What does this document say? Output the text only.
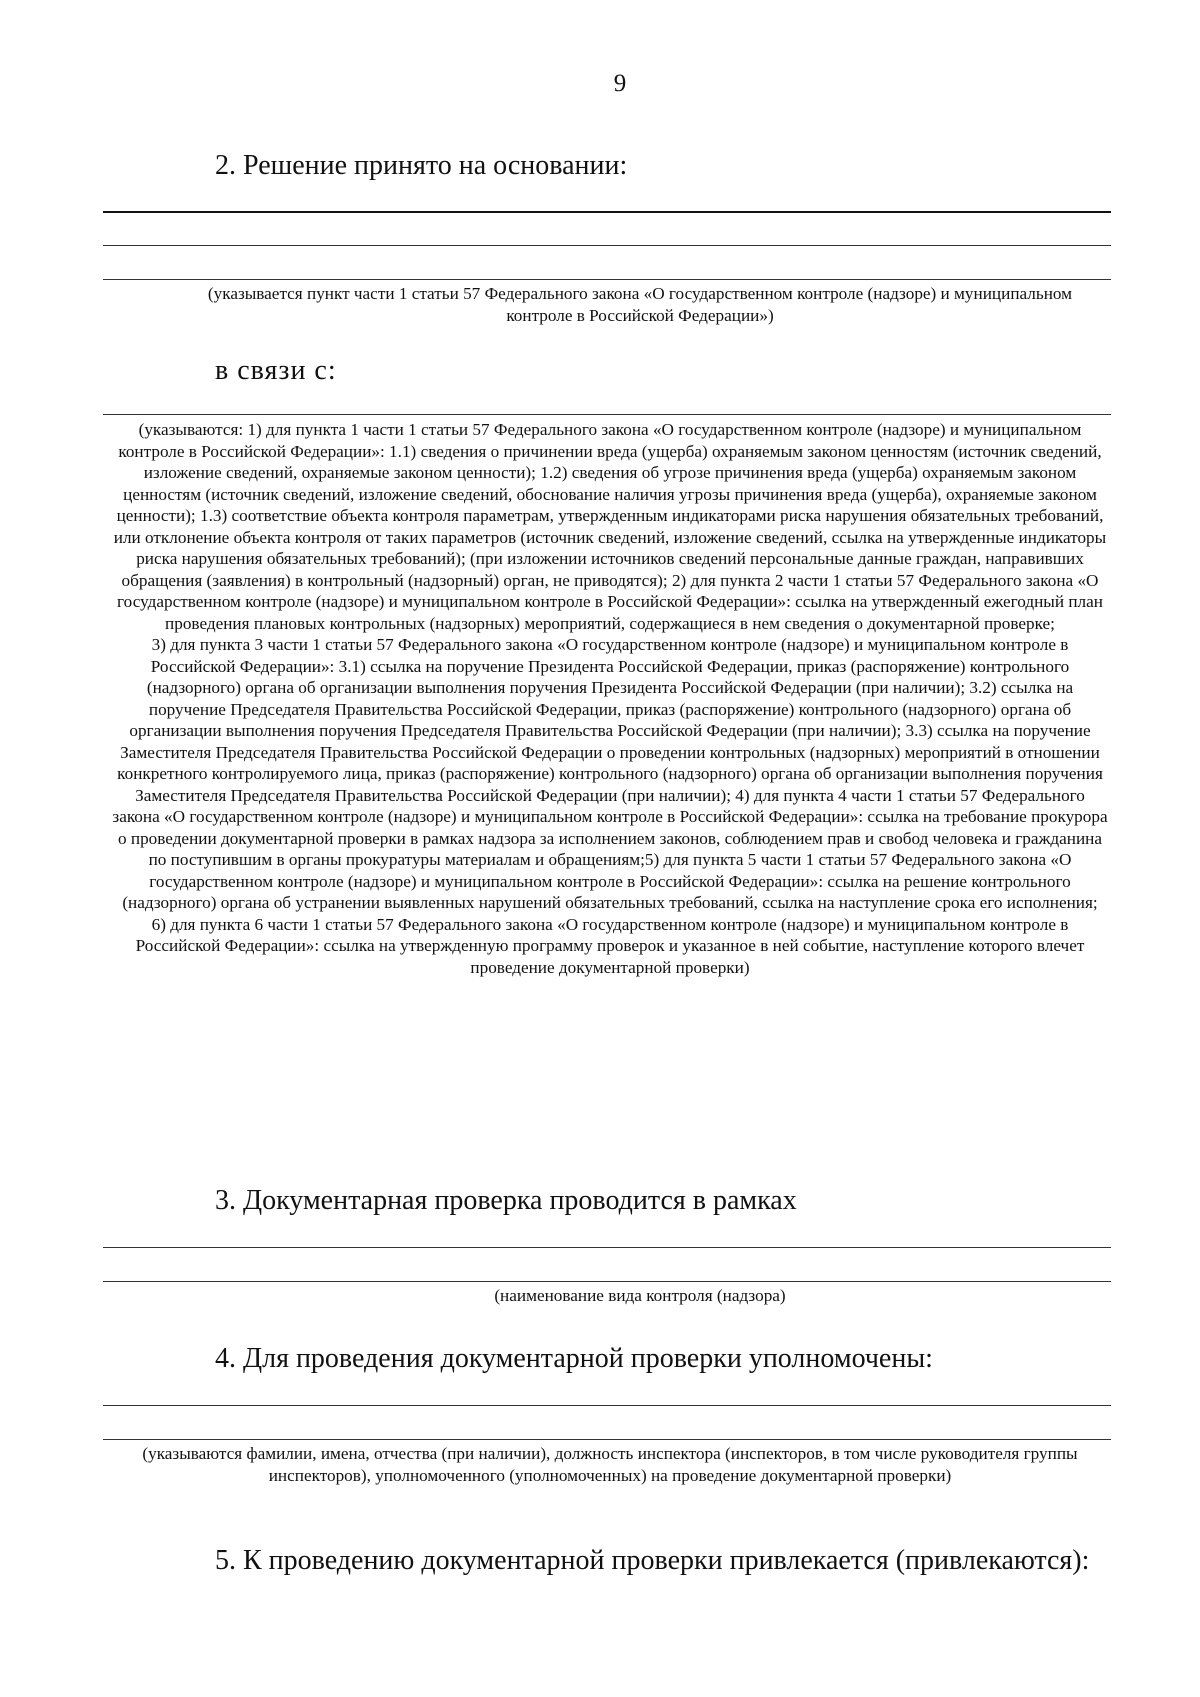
9
2. Решение принято на основании:
(указывается пункт части 1 статьи 57 Федерального закона «О государственном контроле (надзоре) и муниципальном контроле в Российской Федерации»)
в связи с:

(указываются: 1) для пункта 1 части 1 статьи 57 Федерального закона «О государственном контроле (надзоре) и муниципальном контроле в Российской Федерации»: 1.1) сведения о причинении вреда (ущерба) охраняемым законом ценностям (источник сведений, изложение сведений, охраняемые законом ценности); 1.2) сведения об угрозе причинения вреда (ущерба) охраняемым законом ценностям (источник сведений, изложение сведений, обоснование наличия угрозы причинения вреда (ущерба), охраняемые законом ценности); 1.3) соответствие объекта контроля параметрам, утвержденным индикаторами риска нарушения обязательных требований, или отклонение объекта контроля от таких параметров (источник сведений, изложение сведений, ссылка на утвержденные индикаторы риска нарушения обязательных требований); (при изложении источников сведений персональные данные граждан, направивших обращения (заявления) в контрольный (надзорный) орган, не приводятся); 2) для пункта 2 части 1 статьи 57 Федерального закона «О государственном контроле (надзоре) и муниципальном контроле в Российской Федерации»: ссылка на утвержденный ежегодный план проведения плановых контрольных (надзорных) мероприятий, содержащиеся в нем сведения о документарной проверке;

3) для пункта 3 части 1 статьи 57 Федерального закона «О государственном контроле (надзоре) и муниципальном контроле в Российской Федерации»: 3.1) ссылка на поручение Президента Российской Федерации, приказ (распоряжение) контрольного (надзорного) органа об организации выполнения поручения Президента Российской Федерации (при наличии); 3.2) ссылка на поручение Председателя Правительства Российской Федерации, приказ (распоряжение) контрольного (надзорного) органа об организации выполнения поручения Председателя Правительства Российской Федерации (при наличии); 3.3) ссылка на поручение Заместителя Председателя Правительства Российской Федерации о проведении контрольных (надзорных) мероприятий в отношении конкретного контролируемого лица, приказ (распоряжение) контрольного (надзорного) органа об организации выполнения поручения Заместителя Председателя Правительства Российской Федерации (при наличии); 4) для пункта 4 части 1 статьи 57 Федерального закона «О государственном контроле (надзоре) и муниципальном контроле в Российской Федерации»: ссылка на требование прокурора о проведении документарной проверки в рамках надзора за исполнением законов, соблюдением прав и свобод человека и гражданина по поступившим в органы прокуратуры материалам и обращениям;5) для пункта 5 части 1 статьи 57 Федерального закона «О государственном контроле (надзоре) и муниципальном контроле в Российской Федерации»: ссылка на решение контрольного (надзорного) органа об устранении выявленных нарушений обязательных требований, ссылка на наступление срока его исполнения;

6) для пункта 6 части 1 статьи 57 Федерального закона «О государственном контроле (надзоре) и муниципальном контроле в Российской Федерации»: ссылка на утвержденную программу проверок и указанное в ней событие, наступление которого влечет проведение документарной проверки)

3. Документарная проверка проводится в рамках
(наименование вида контроля (надзора)
4. Для проведения документарной проверки уполномочены:
(указываются фамилии, имена, отчества (при наличии), должность инспектора (инспекторов, в том числе руководителя группы инспекторов), уполномоченного (уполномоченных) на проведение документарной проверки)
5. К проведению документарной проверки привлекается (привлекаются):
